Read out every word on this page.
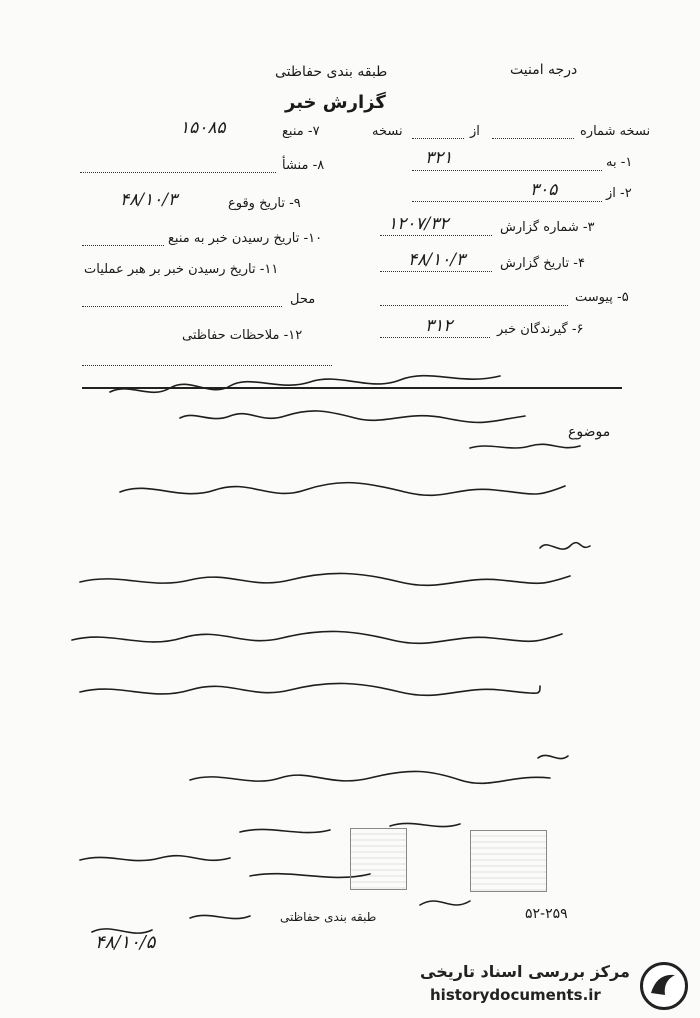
درجه امنیت
طبقه بندی حفاظتی
گزارش خبر
نسخه شماره
از
نسخه
۱- به
۳۲۱
۲- از
۳۰۵
۳- شماره گزارش
۱۲۰۷/۳۲
۴- تاریخ گزارش
۴۸/۱۰/۳
۵- پیوست
۶- گیرندگان خبر
۳۱۲
۷- منبع
۱۵۰۸۵
۸- منشأ
۹- تاریخ وقوع
۴۸/۱۰/۳
۱۰- تاریخ رسیدن خبر به منبع
۱۱- تاریخ رسیدن خبر بر هبر عملیات
محل
۱۲- ملاحظات حفاظتی
موضوع
۵۲-۲۵۹
طبقه بندی حفاظتی
۴۸/۱۰/۵
مرکز بررسی اسناد تاریخی
historydocuments.ir
